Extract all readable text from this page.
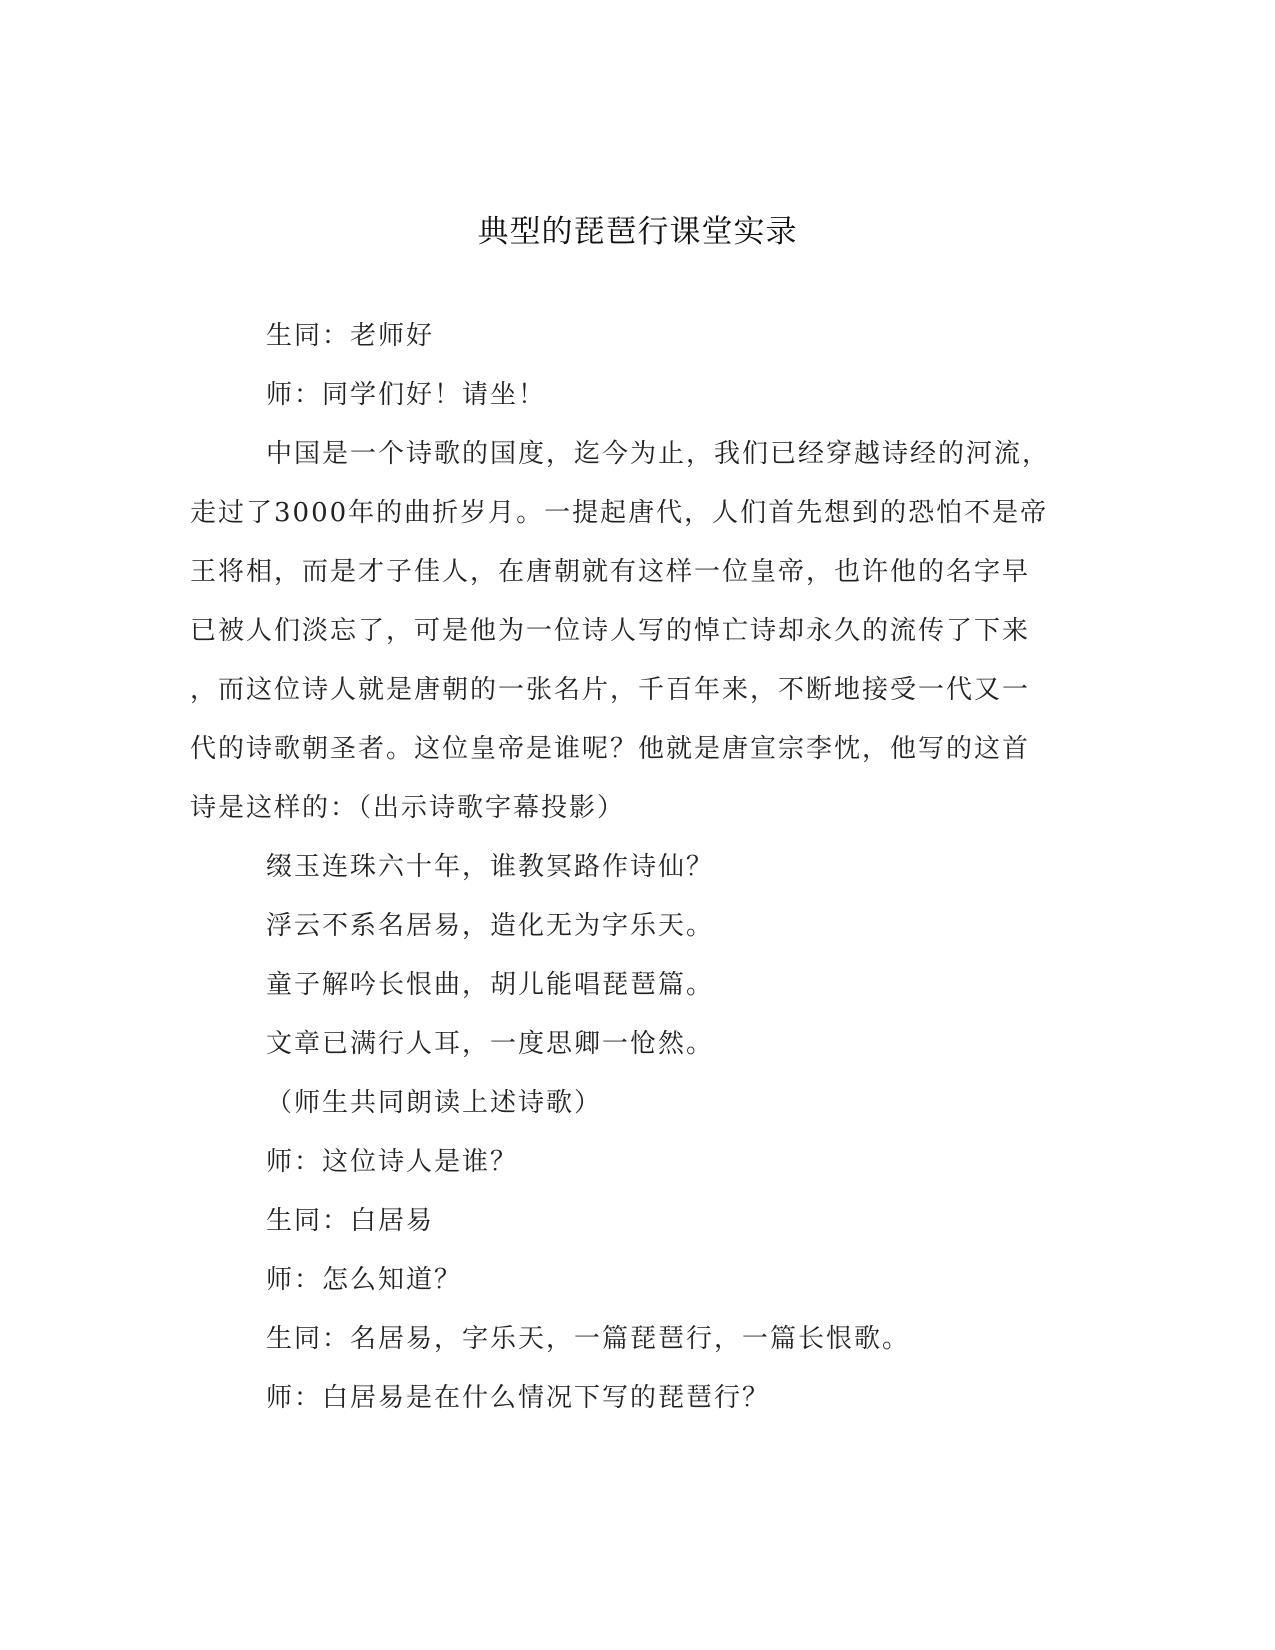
典型的琵琶行课堂实录
生同：老师好
师：同学们好！请坐！
中国是一个诗歌的国度，迄今为止，我们已经穿越诗经的河流，
走过了3000年的曲折岁月。一提起唐代，人们首先想到的恐怕不是帝
王将相，而是才子佳人，在唐朝就有这样一位皇帝，也许他的名字早
已被人们淡忘了，可是他为一位诗人写的悼亡诗却永久的流传了下来
，而这位诗人就是唐朝的一张名片，千百年来，不断地接受一代又一
代的诗歌朝圣者。这位皇帝是谁呢？他就是唐宣宗李忱，他写的这首
诗是这样的：（出示诗歌字幕投影）
缀玉连珠六十年，谁教冥路作诗仙？
浮云不系名居易，造化无为字乐天。
童子解吟长恨曲，胡儿能唱琵琶篇。
文章已满行人耳，一度思卿一怆然。
（师生共同朗读上述诗歌）
师：这位诗人是谁？
生同：白居易
师：怎么知道？
生同：名居易，字乐天，一篇琵琶行，一篇长恨歌。
师：白居易是在什么情况下写的琵琶行？
